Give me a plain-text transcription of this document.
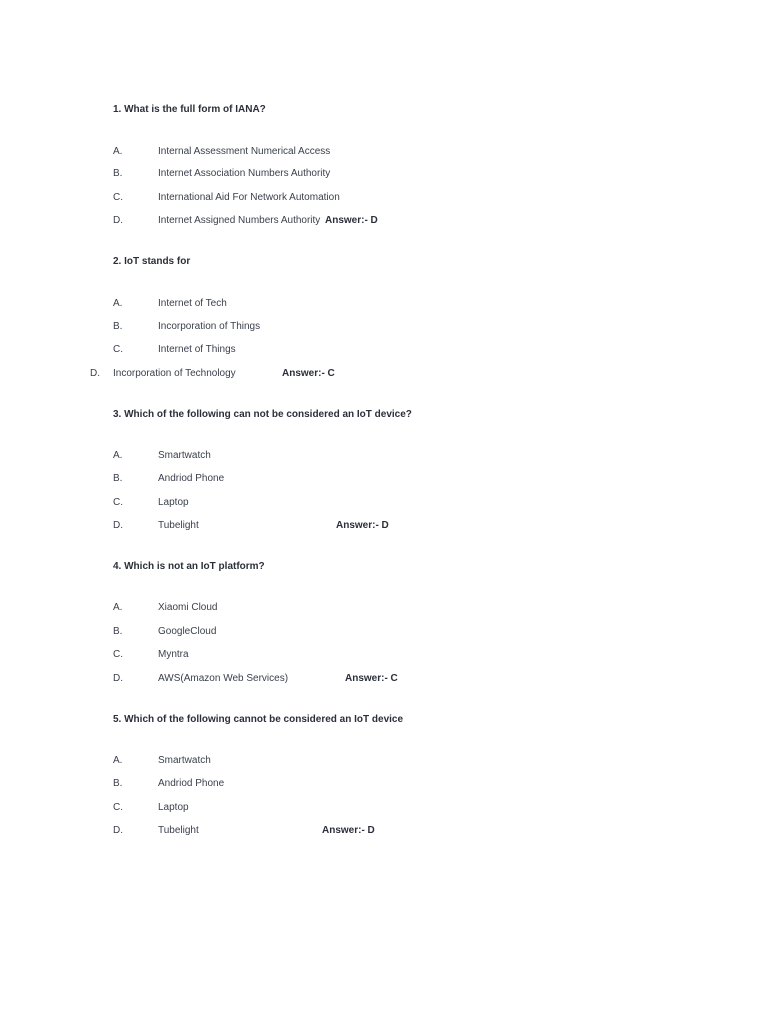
1. What is the full form of IANA?
A.	Internal Assessment Numerical Access
B.	Internet Association Numbers Authority
C.	International Aid For Network Automation
D.	Internet Assigned Numbers Authority Answer:- D
2. IoT stands for
A.	Internet of Tech
B.	Incorporation of Things
C.	Internet of Things
D. Incorporation of Technology	Answer:- C
3. Which of the following can not be considered an IoT device?
A.	Smartwatch
B.	Andriod Phone
C.	Laptop
D.	Tubelight	Answer:- D
4. Which is not an IoT platform?
A.	Xiaomi Cloud
B.	GoogleCloud
C.	Myntra
D.	AWS(Amazon Web Services)	Answer:- C
5. Which of the following cannot be considered an IoT device
A.	Smartwatch
B.	Andriod Phone
C.	Laptop
D.	Tubelight	Answer:- D
